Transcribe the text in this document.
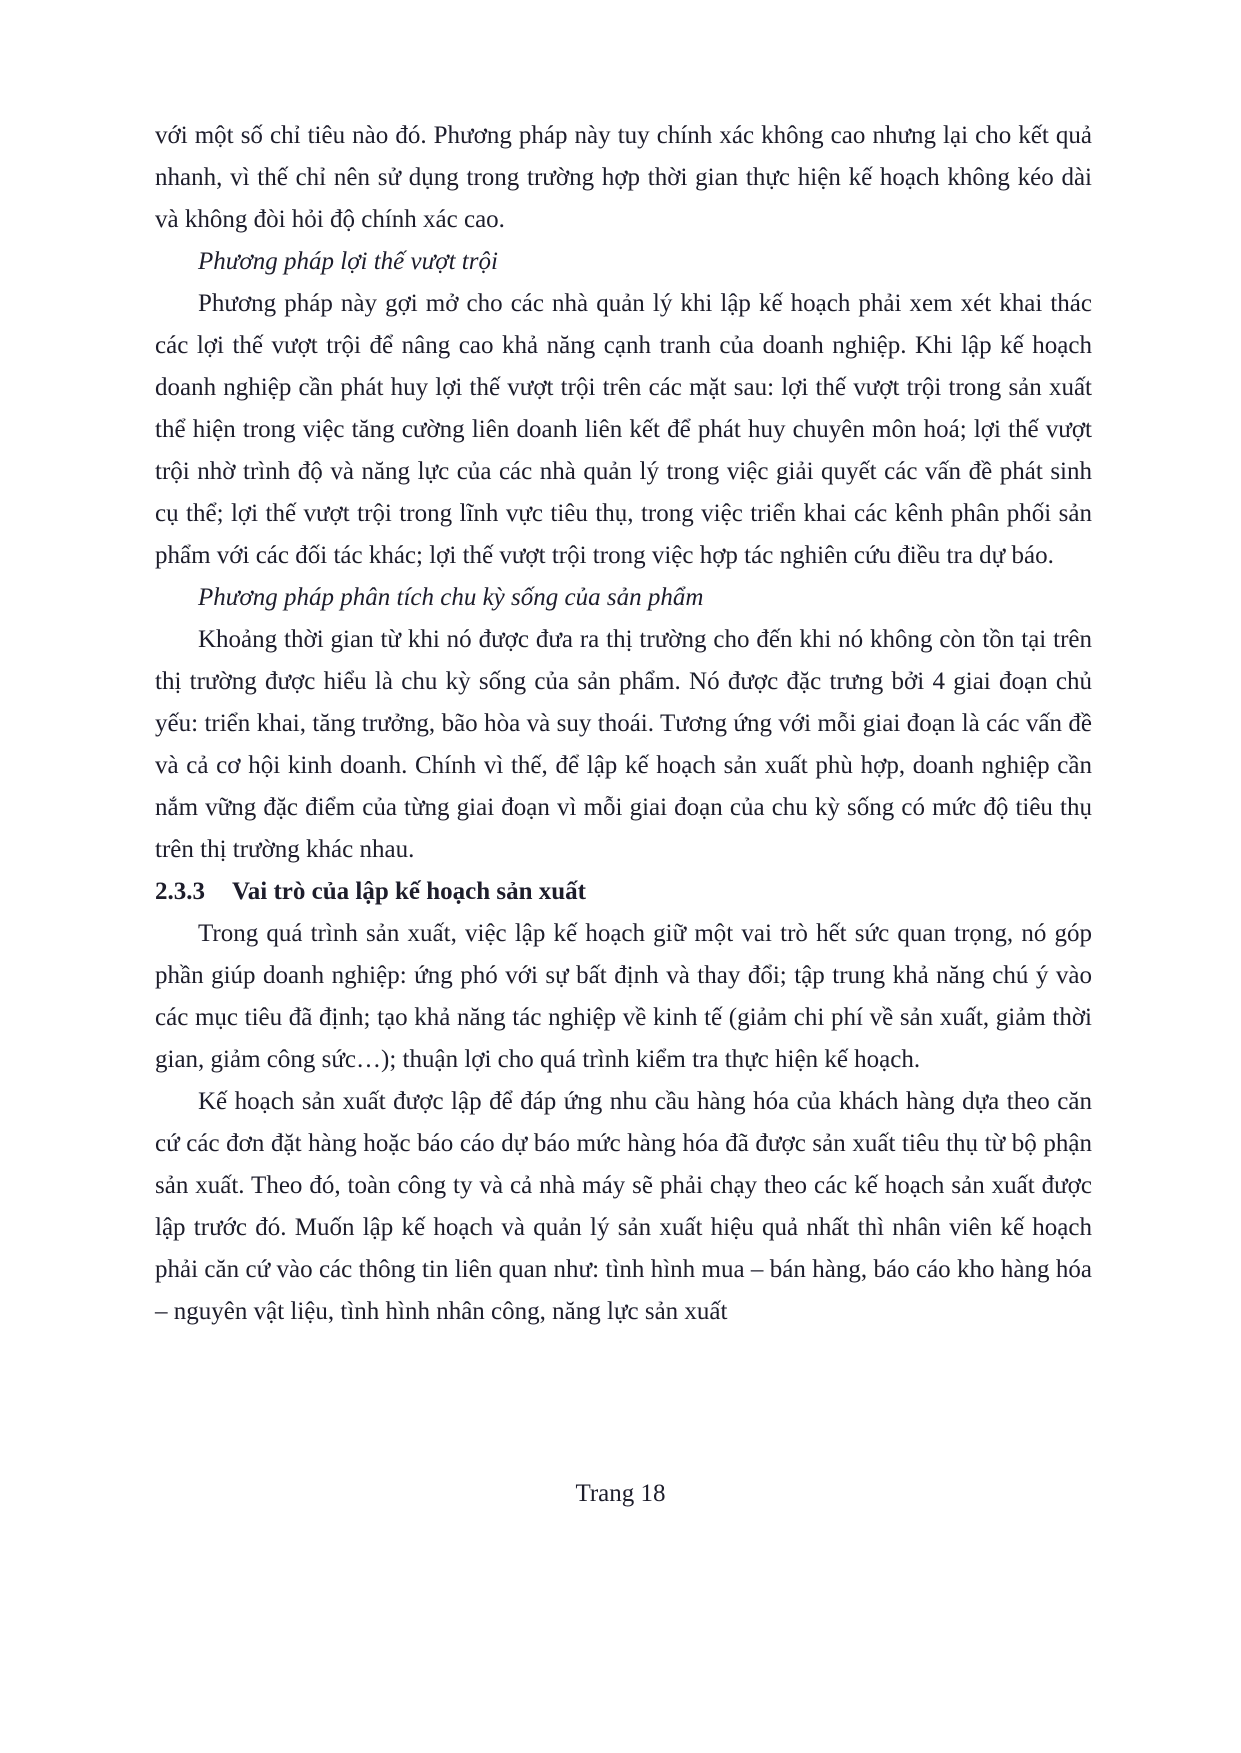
với một số chỉ tiêu nào đó. Phương pháp này tuy chính xác không cao nhưng lại cho kết quả nhanh, vì thế chỉ nên sử dụng trong trường hợp thời gian thực hiện kế hoạch không kéo dài và không đòi hỏi độ chính xác cao.

Phương pháp lợi thế vượt trội

Phương pháp này gợi mở cho các nhà quản lý khi lập kế hoạch phải xem xét khai thác các lợi thế vượt trội để nâng cao khả năng cạnh tranh của doanh nghiệp. Khi lập kế hoạch doanh nghiệp cần phát huy lợi thế vượt trội trên các mặt sau: lợi thế vượt trội trong sản xuất thể hiện trong việc tăng cường liên doanh liên kết để phát huy chuyên môn hoá; lợi thế vượt trội nhờ trình độ và năng lực của các nhà quản lý trong việc giải quyết các vấn đề phát sinh cụ thể; lợi thế vượt trội trong lĩnh vực tiêu thụ, trong việc triển khai các kênh phân phối sản phẩm với các đối tác khác; lợi thế vượt trội trong việc hợp tác nghiên cứu điều tra dự báo.

Phương pháp phân tích chu kỳ sống của sản phẩm

Khoảng thời gian từ khi nó được đưa ra thị trường cho đến khi nó không còn tồn tại trên thị trường được hiểu là chu kỳ sống của sản phẩm. Nó được đặc trưng bởi 4 giai đoạn chủ yếu: triển khai, tăng trưởng, bão hòa và suy thoái. Tương ứng với mỗi giai đoạn là các vấn đề và cả cơ hội kinh doanh. Chính vì thế, để lập kế hoạch sản xuất phù hợp, doanh nghiệp cần nắm vững đặc điểm của từng giai đoạn vì mỗi giai đoạn của chu kỳ sống có mức độ tiêu thụ trên thị trường khác nhau.

2.3.3 Vai trò của lập kế hoạch sản xuất

Trong quá trình sản xuất, việc lập kế hoạch giữ một vai trò hết sức quan trọng, nó góp phần giúp doanh nghiệp: ứng phó với sự bất định và thay đổi; tập trung khả năng chú ý vào các mục tiêu đã định; tạo khả năng tác nghiệp về kinh tế (giảm chi phí về sản xuất, giảm thời gian, giảm công sức…); thuận lợi cho quá trình kiểm tra thực hiện kế hoạch.

Kế hoạch sản xuất được lập để đáp ứng nhu cầu hàng hóa của khách hàng dựa theo căn cứ các đơn đặt hàng hoặc báo cáo dự báo mức hàng hóa đã được sản xuất tiêu thụ từ bộ phận sản xuất. Theo đó, toàn công ty và cả nhà máy sẽ phải chạy theo các kế hoạch sản xuất được lập trước đó. Muốn lập kế hoạch và quản lý sản xuất hiệu quả nhất thì nhân viên kế hoạch phải căn cứ vào các thông tin liên quan như: tình hình mua – bán hàng, báo cáo kho hàng hóa – nguyên vật liệu, tình hình nhân công, năng lực sản xuất

Trang 18
